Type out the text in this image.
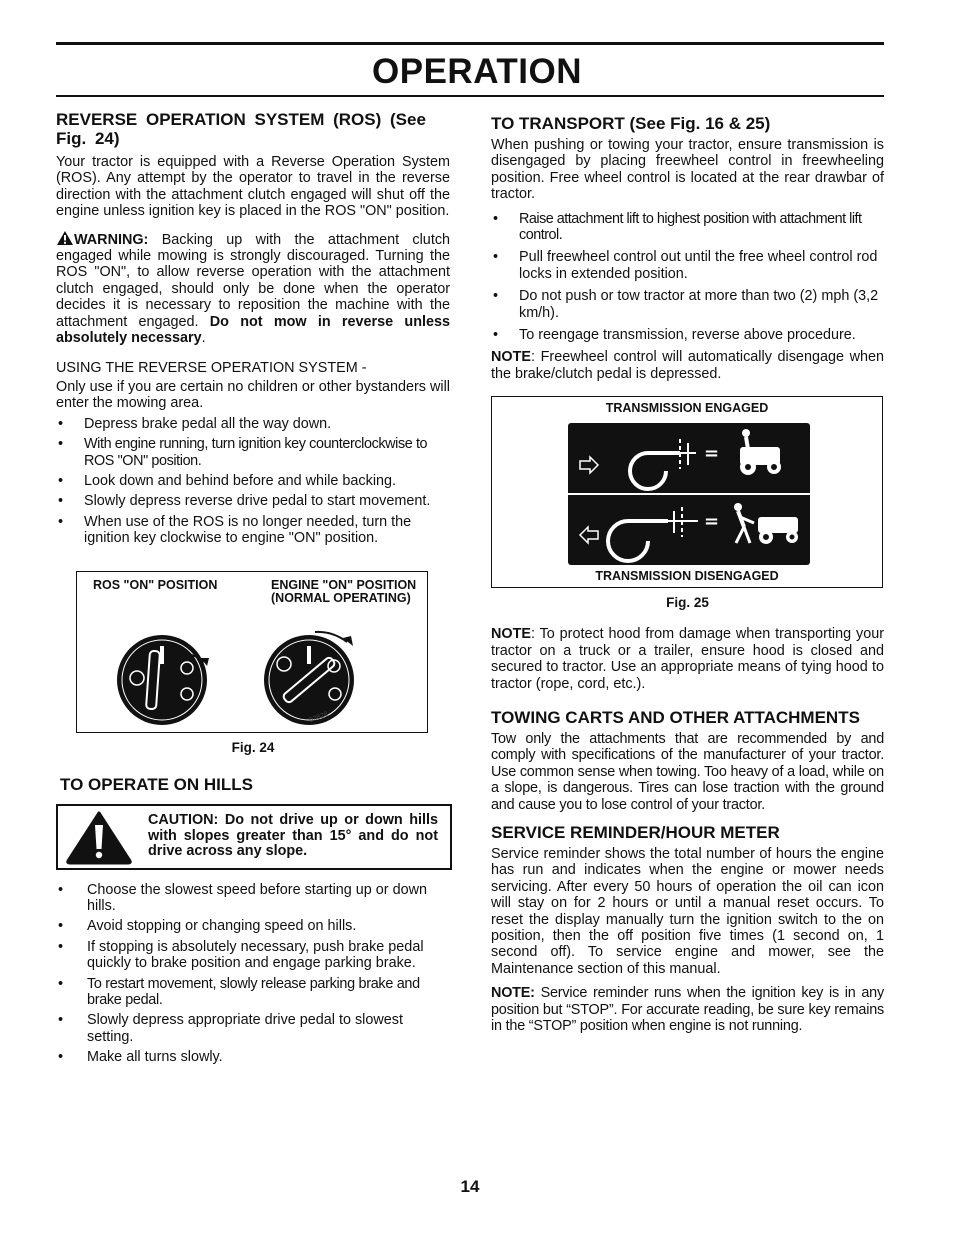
OPERATION
REVERSE OPERATION SYSTEM (ROS) (See Fig. 24)

Your tractor is equipped with a Reverse Operation System (ROS). Any attempt by the operator to travel in the reverse direction with the attachment clutch engaged will shut off the engine unless ignition key is placed in the ROS "ON" position.

WARNING: Backing up with the attachment clutch engaged while mowing is strongly discouraged. Turning the ROS "ON", to allow reverse operation with the attachment clutch engaged, should only be done when the operator decides it is necessary to reposition the machine with the attachment engaged. Do not mow in reverse unless absolutely necessary.

USING THE REVERSE OPERATION SYSTEM -

Only use if you are certain no children or other bystanders will enter the mowing area.

• Depress brake pedal all the way down.
• With engine running, turn ignition key counterclockwise to ROS "ON" position.
• Look down and behind before and while backing.
• Slowly depress reverse drive pedal to start movement.
• When use of the ROS is no longer needed, turn the ignition key clockwise to engine "ON" position.
ROS "ON" POSITION	ENGINE "ON" POSITION
(NORMAL OPERATING)
02828
Fig. 24
TO OPERATE ON HILLS
CAUTION: Do not drive up or down hills with slopes greater than 15° and do not drive across any slope.
• Choose the slowest speed before starting up or down hills.
• Avoid stopping or changing speed on hills.
• If stopping is absolutely necessary, push brake pedal quickly to brake position and engage parking brake.
• To restart movement, slowly release parking brake and brake pedal.
• Slowly depress appropriate drive pedal to slowest setting.
• Make all turns slowly.
TO TRANSPORT (See Fig. 16 & 25)

When pushing or towing your tractor, ensure transmission is disengaged by placing freewheel control in freewheeling position. Free wheel control is located at the rear drawbar of tractor.

• Raise attachment lift to highest position with attachment lift control.
• Pull freewheel control out until the free wheel control rod locks in extended position.
• Do not push or tow tractor at more than two (2) mph (3,2 km/h).
• To reengage transmission, reverse above procedure.

NOTE: Freewheel control will automatically disengage when the brake/clutch pedal is depressed.

TRANSMISSION ENGAGED
=
=
TRANSMISSION DISENGAGED
Fig. 25

NOTE: To protect hood from damage when transporting your tractor on a truck or a trailer, ensure hood is closed and secured to tractor. Use an appropriate means of tying hood to tractor (rope, cord, etc.).

TOWING CARTS AND OTHER ATTACHMENTS

Tow only the attachments that are recommended by and comply with specifications of the manufacturer of your tractor. Use common sense when towing. Too heavy of a load, while on a slope, is dangerous. Tires can lose traction with the ground and cause you to lose control of your tractor.

SERVICE REMINDER/HOUR METER

Service reminder shows the total number of hours the engine has run and indicates when the engine or mower needs servicing. After every 50 hours of operation the oil can icon will stay on for 2 hours or until a manual reset occurs. To reset the display manually turn the ignition switch to the on position, then the off position five times (1 second on, 1 second off). To service engine and mower, see the Maintenance section of this manual.

NOTE: Service reminder runs when the ignition key is in any position but “STOP”. For accurate reading, be sure key remains in the “STOP” position when engine is not running.

14
